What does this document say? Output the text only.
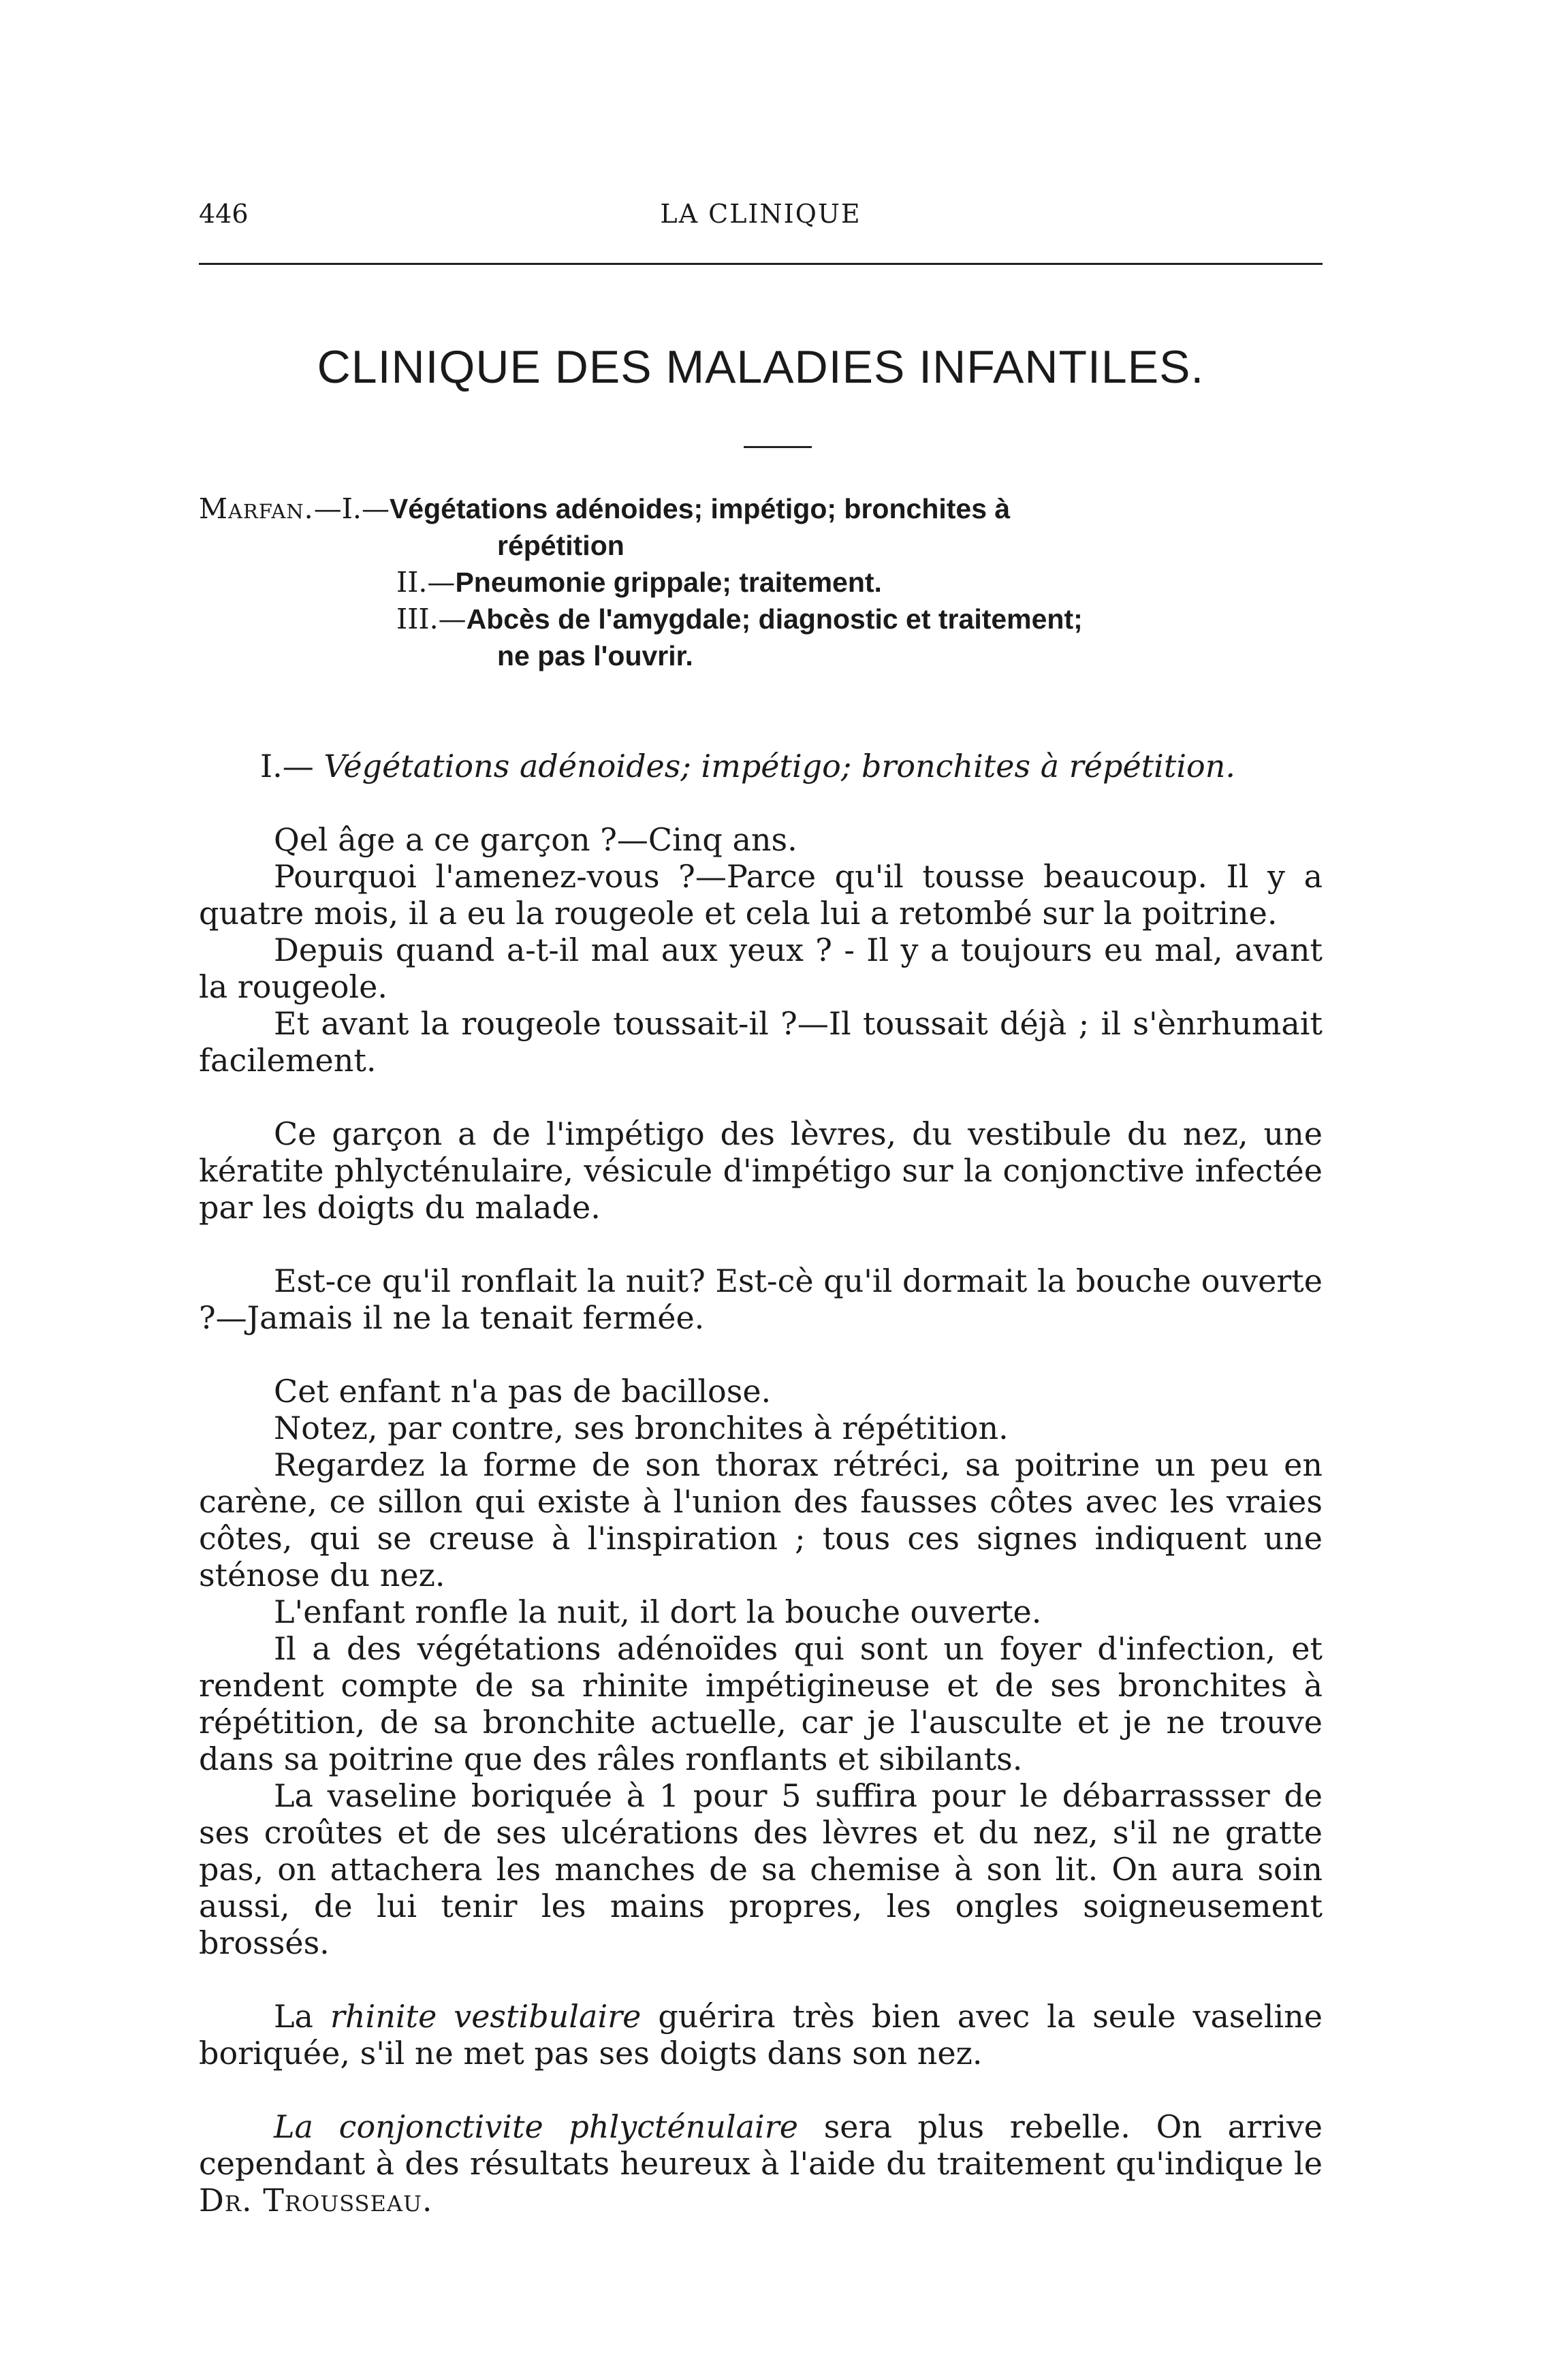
446	LA CLINIQUE
CLINIQUE DES MALADIES INFANTILES.
Marfan.—I.—Végétations adénoides; impétigo; bronchites à
répétition
II.—Pneumonie grippale; traitement.
III.—Abcès de l'amygdale; diagnostic et traitement;
ne pas l'ouvrir.

I.— Végétations adénoides; impétigo; bronchites à répétition.

Qel âge a ce garçon ?—Cinq ans.

Pourquoi l'amenez-vous ?—Parce qu'il tousse beaucoup. Il y a quatre mois, il a eu la rougeole et cela lui a retombé sur la poitrine.

Depuis quand a-t-il mal aux yeux ? - Il y a toujours eu mal, avant la rougeole.

Et avant la rougeole toussait-il ?—Il toussait déjà ; il s'ènrhumait facilement.

Ce garçon a de l'impétigo des lèvres, du vestibule du nez, une kératite phlycténulaire, vésicule d'impétigo sur la conjonctive infectée par les doigts du malade.

Est-ce qu'il ronflait la nuit? Est-cè qu'il dormait la bouche ouverte ?—Jamais il ne la tenait fermée.

Cet enfant n'a pas de bacillose.

Notez, par contre, ses bronchites à répétition.

Regardez la forme de son thorax rétréci, sa poitrine un peu en carène, ce sillon qui existe à l'union des fausses côtes avec les vraies côtes, qui se creuse à l'inspiration ; tous ces signes indiquent une sténose du nez.

L'enfant ronfle la nuit, il dort la bouche ouverte.

Il a des végétations adénoïdes qui sont un foyer d'infection, et rendent compte de sa rhinite impétigineuse et de ses bronchites à répétition, de sa bronchite actuelle, car je l'ausculte et je ne trouve dans sa poitrine que des râles ronflants et sibilants.

La vaseline boriquée à 1 pour 5 suffira pour le débarrassser de ses croûtes et de ses ulcérations des lèvres et du nez, s'il ne gratte pas, on attachera les manches de sa chemise à son lit. On aura soin aussi, de lui tenir les mains propres, les ongles soigneusement brossés.

La rhinite vestibulaire guérira très bien avec la seule vaseline boriquée, s'il ne met pas ses doigts dans son nez.

La conjonctivite phlycténulaire sera plus rebelle. On arrive cependant à des résultats heureux à l'aide du traitement qu'indique le Dr. Trousseau.
